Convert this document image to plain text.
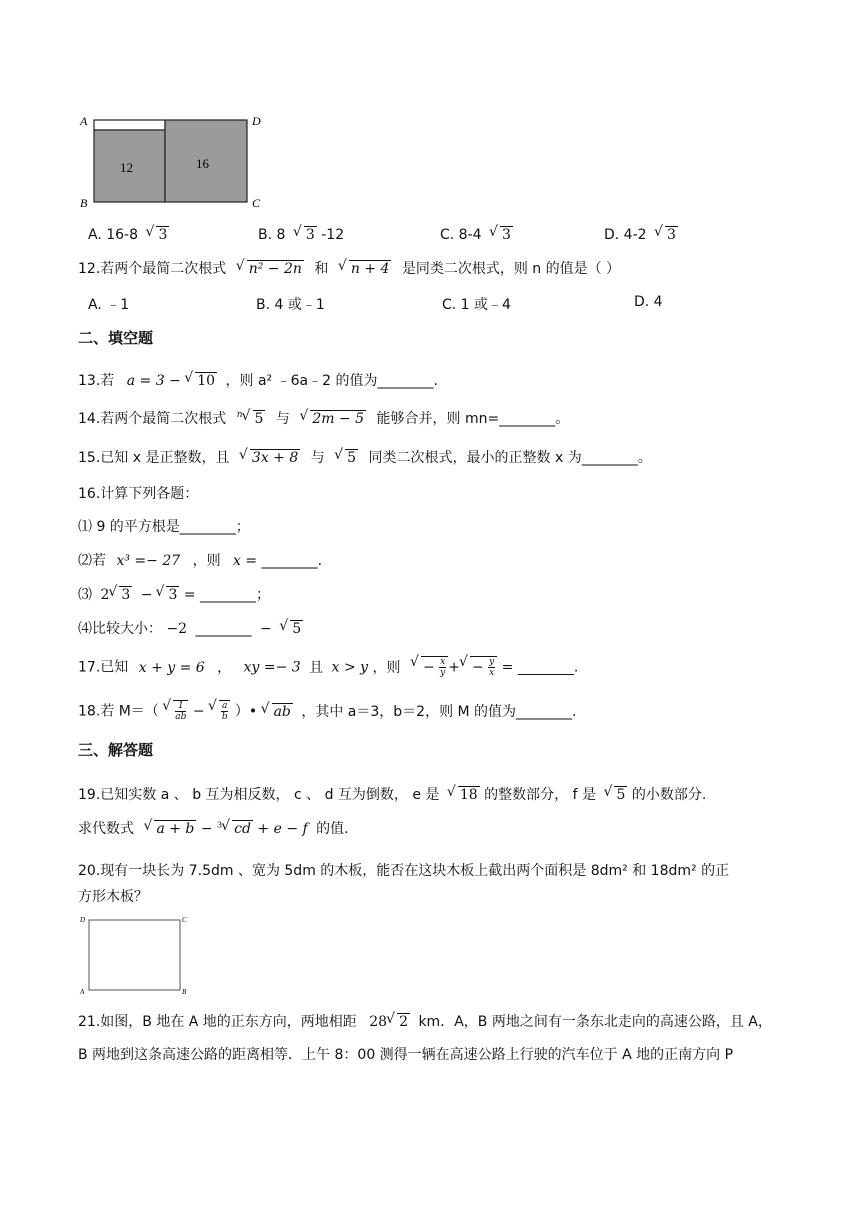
A
B	C
D
12	16
A. 16-8 √ 3	B. 8 √ 3 -12	C. 8-4 √ 3	D. 4-2 √ 3
12.若两个最简二次根式 √ n² − 2n 和 √ n + 4 是同类二次根式，则 n 的值是（ ）
A. ﹣1	B. 4 或﹣1	C. 1 或﹣4	D. 4
二、填空题
13.若 a = 3 − √ 10 ，则 a² ﹣6a﹣2 的值为________.
14.若两个最简二次根式 $^n$ √ 5 与 √ 2m − 5 能够合并，则 mn=________。
15.已知 x 是正整数，且 √ 3x + 8 与 √ 5 同类二次根式，最小的正整数 x 为________。
16.计算下列各题：
⑴ 9 的平方根是________；
⑵若 x³ =− 27 ，则 x = ________.
⑶ 2 √ 3 − √ 3 = ________；
⑷比较大小： −2 ________ − √ 5
17.已知 x + y = 6 ， xy =− 3 且 x > y ，则 √ − $\frac{x}{y}$ + √ − $\frac{y}{x}$ = ________.
18.若 M＝（ √ $\frac{1}{ab}$ − √ $\frac{a}{b}$ ）• √ ab ，其中 a＝3，b＝2，则 M 的值为________.
三、解答题
19.已知实数 a 、 b 互为相反数， c 、 d 互为倒数， e 是 √ 18 的整数部分， f 是 √ 5 的小数部分.
求代数式 √ a + b − $^3$ √ cd + e − f 的值.
20.现有一块长为 7.5dm 、宽为 5dm 的木板，能否在这块木板上截出两个面积是 8dm² 和 18dm² 的正
方形木板？
D	C
A	B
21.如图，B 地在 A 地的正东方向，两地相距 28 √ 2 km．A，B 两地之间有一条东北走向的高速公路，且 A，
B 两地到这条高速公路的距离相等．上午 8：00 测得一辆在高速公路上行驶的汽车位于 A 地的正南方向 P
